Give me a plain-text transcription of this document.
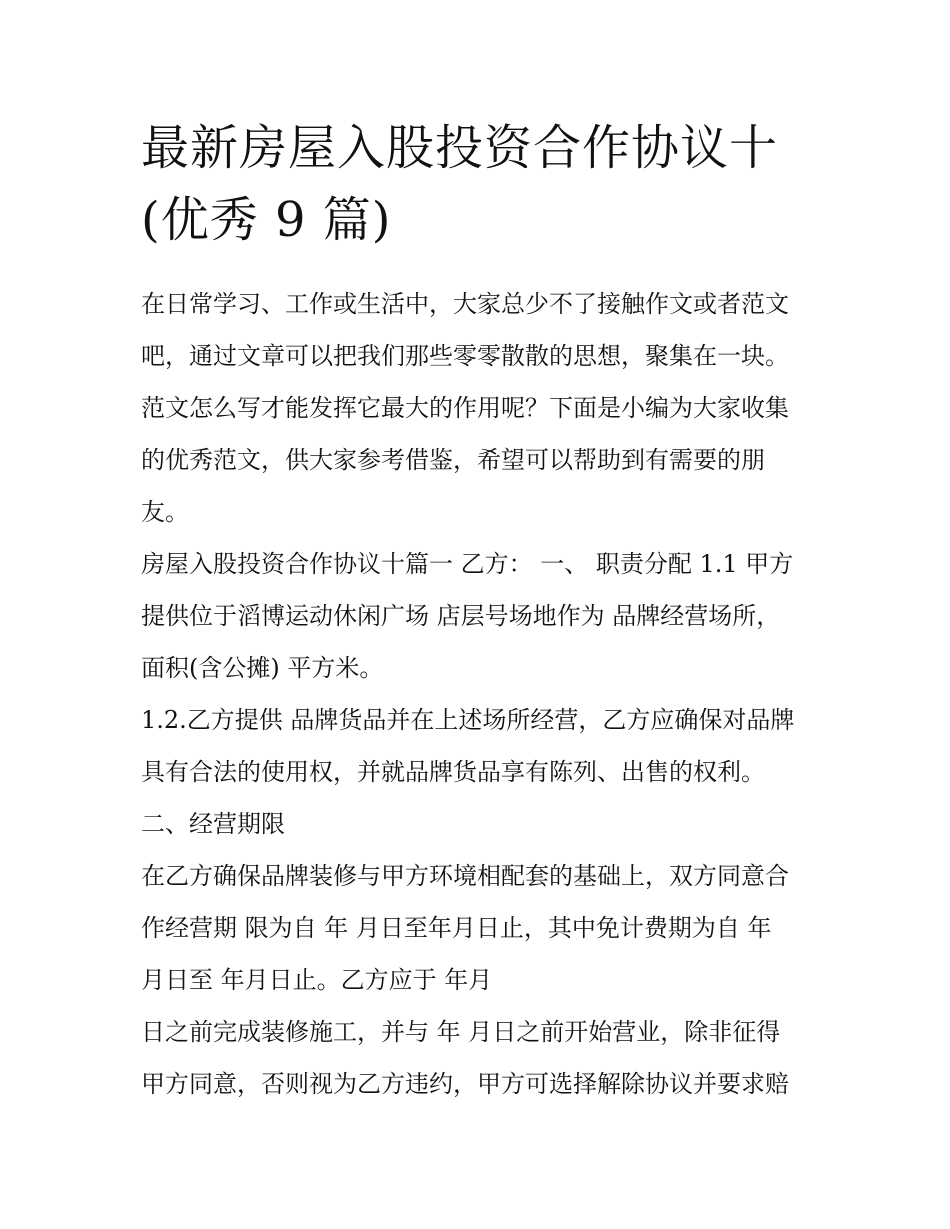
最新房屋入股投资合作协议十
(优秀 9 篇)

在日常学习、工作或生活中，大家总少不了接触作文或者范文
吧，通过文章可以把我们那些零零散散的思想，聚集在一块。
范文怎么写才能发挥它最大的作用呢？下面是小编为大家收集
的优秀范文，供大家参考借鉴，希望可以帮助到有需要的朋
友。

房屋入股投资合作协议十篇一 乙方： 一、 职责分配 1.1 甲方
提供位于滔博运动休闲广场 店层号场地作为 品牌经营场所，
面积(含公摊) 平方米。

1.2.乙方提供 品牌货品并在上述场所经营，乙方应确保对品牌
具有合法的使用权，并就品牌货品享有陈列、出售的权利。

二、经营期限

在乙方确保品牌装修与甲方环境相配套的基础上，双方同意合
作经营期 限为自 年 月日至年月日止，其中免计费期为自 年
月日至 年月日止。乙方应于 年月

日之前完成装修施工，并与 年 月日之前开始营业，除非征得
甲方同意，否则视为乙方违约，甲方可选择解除协议并要求赔
